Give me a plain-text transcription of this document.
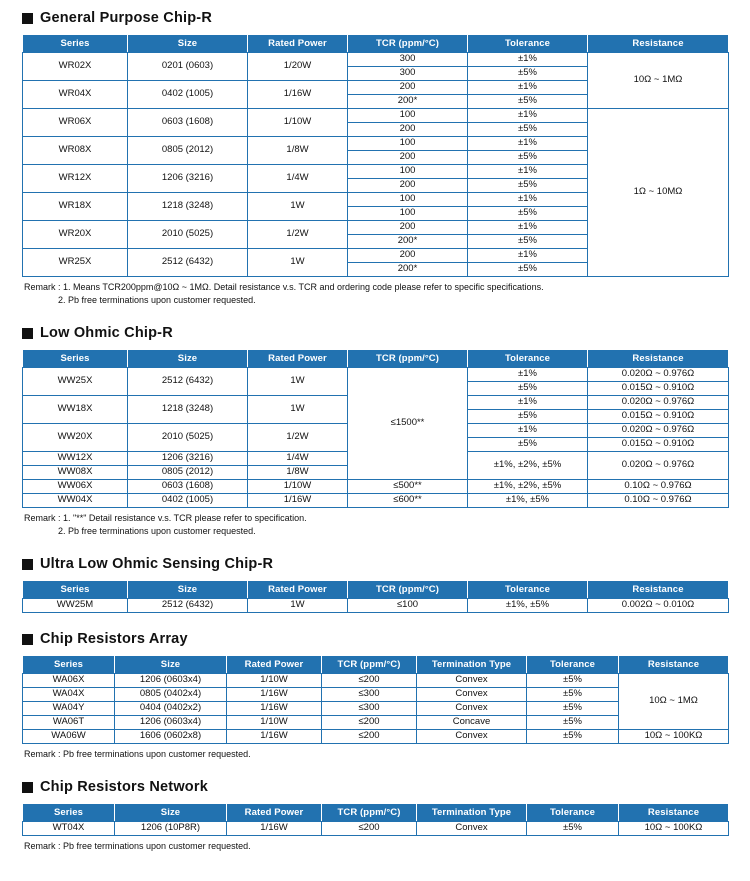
General Purpose Chip-R
Series	Size	Rated Power	TCR (ppm/°C)	Tolerance	Resistance
WR02X	0201 (0603)	1/20W	300	±1%	10Ω ~ 1MΩ
			300	±5%	
WR04X	0402 (1005)	1/16W	200	±1%	
			200*	±5%	
WR06X	0603 (1608)	1/10W	100	±1%	1Ω ~ 10MΩ
			200	±5%	
WR08X	0805 (2012)	1/8W	100	±1%	
			200	±5%	
WR12X	1206 (3216)	1/4W	100	±1%	
			200	±5%	
WR18X	1218 (3248)	1W	100	±1%	
			100	±5%	
WR20X	2010 (5025)	1/2W	200	±1%	
			200*	±5%	
WR25X	2512 (6432)	1W	200	±1%	
			200*	±5%	
Remark : 1. Means TCR200ppm@10Ω ~ 1MΩ. Detail resistance v.s. TCR and ordering code please refer to specific specifications.
2. Pb free terminations upon customer requested.
Low Ohmic Chip-R
Series	Size	Rated Power	TCR (ppm/°C)	Tolerance	Resistance
WW25X	2512 (6432)	1W	≤1500**	±1%	0.020Ω ~ 0.976Ω
				±5%	0.015Ω ~ 0.910Ω
WW18X	1218 (3248)	1W		±1%	0.020Ω ~ 0.976Ω
				±5%	0.015Ω ~ 0.910Ω
WW20X	2010 (5025)	1/2W		±1%	0.020Ω ~ 0.976Ω
				±5%	0.015Ω ~ 0.910Ω
WW12X	1206 (3216)	1/4W		±1%, ±2%, ±5%	0.020Ω ~ 0.976Ω
WW08X	0805 (2012)	1/8W			
WW06X	0603 (1608)	1/10W	≤500**	±1%, ±2%, ±5%	0.10Ω ~ 0.976Ω
WW04X	0402 (1005)	1/16W	≤600**	±1%, ±5%	0.10Ω ~ 0.976Ω
Remark : 1. "**" Detail resistance v.s. TCR please refer to specification.
2. Pb free terminations upon customer requested.
Ultra Low Ohmic Sensing Chip-R
Series	Size	Rated Power	TCR (ppm/°C)	Tolerance	Resistance
WW25M	2512 (6432)	1W	≤100	±1%, ±5%	0.002Ω ~ 0.010Ω
Chip Resistors Array
Series	Size	Rated Power	TCR (ppm/°C)	Termination Type	Tolerance	Resistance
WA06X	1206 (0603x4)	1/10W	≤200	Convex	±5%	10Ω ~ 1MΩ
WA04X	0805 (0402x4)	1/16W	≤300	Convex	±5%	
WA04Y	0404 (0402x2)	1/16W	≤300	Convex	±5%	
WA06T	1206 (0603x4)	1/10W	≤200	Concave	±5%	
WA06W	1606 (0602x8)	1/16W	≤200	Convex	±5%	10Ω ~ 100KΩ
Remark : Pb free terminations upon customer requested.
Chip Resistors Network
Series	Size	Rated Power	TCR (ppm/°C)	Termination Type	Tolerance	Resistance
WT04X	1206 (10P8R)	1/16W	≤200	Convex	±5%	10Ω ~ 100KΩ
Remark : Pb free terminations upon customer requested.
